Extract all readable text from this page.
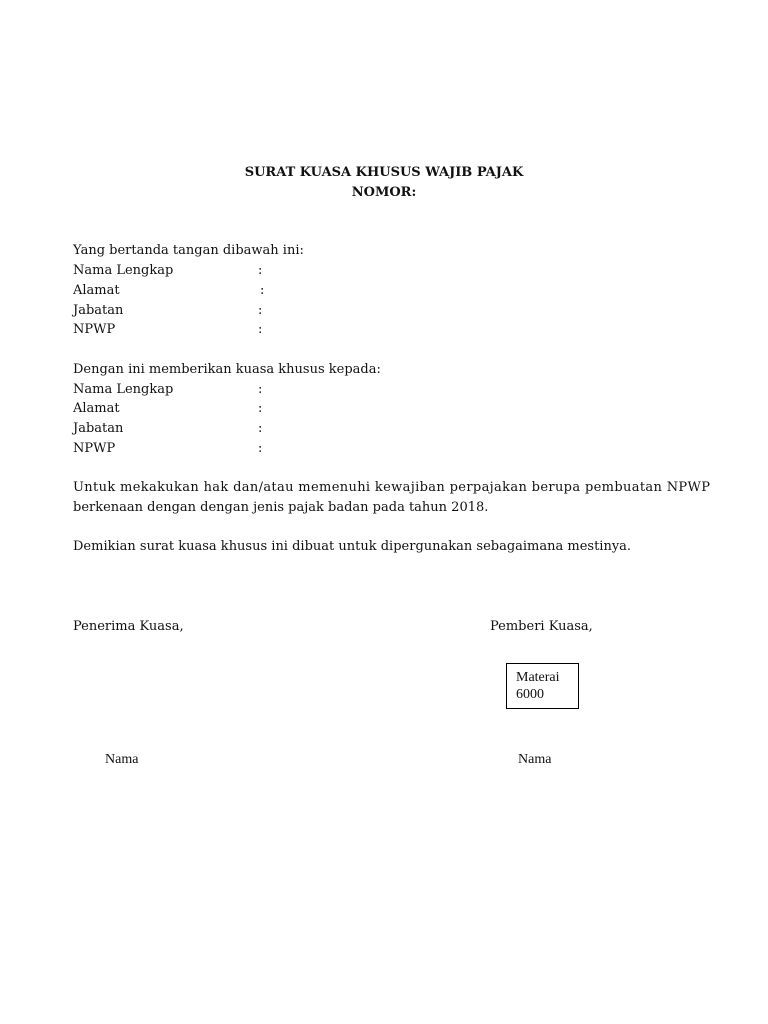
SURAT KUASA KHUSUS WAJIB PAJAK
NOMOR:
Yang bertanda tangan dibawah ini:
Nama Lengkap	:
Alamat	:
Jabatan	:
NPWP	:
Dengan ini memberikan kuasa khusus kepada:
Nama Lengkap	:
Alamat	:
Jabatan	:
NPWP	:
Untuk mekakukan hak dan/atau memenuhi kewajiban perpajakan berupa pembuatan NPWP
berkenaan dengan dengan jenis pajak badan pada tahun 2018.
Demikian surat kuasa khusus ini dibuat untuk dipergunakan sebagaimana mestinya.
Penerima Kuasa,	Pemberi Kuasa,
Materai
6000
Nama	Nama
